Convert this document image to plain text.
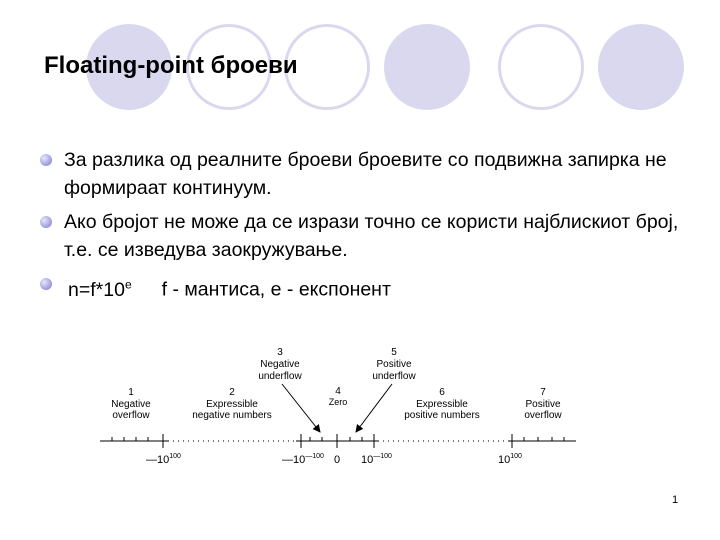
Floating-point броеви
За разлика од реалните броеви броевите со подвижна запирка не формираат континуум.
Ако бројот не може да се изрази точно се користи најблискиот број, т.е. се изведува заокружување.
$n=f*10^e$ f - мантиса, e - експонент
1
Negative
overflow
2
Expressible
negative numbers
3
Negative
underflow
4
Zero
5
Positive
underflow
6
Expressible
positive numbers
7
Positive
overflow
$—10^{100}$	$—10^{—100}$ 0 $10^{—100}$	$10^{100}$
1
